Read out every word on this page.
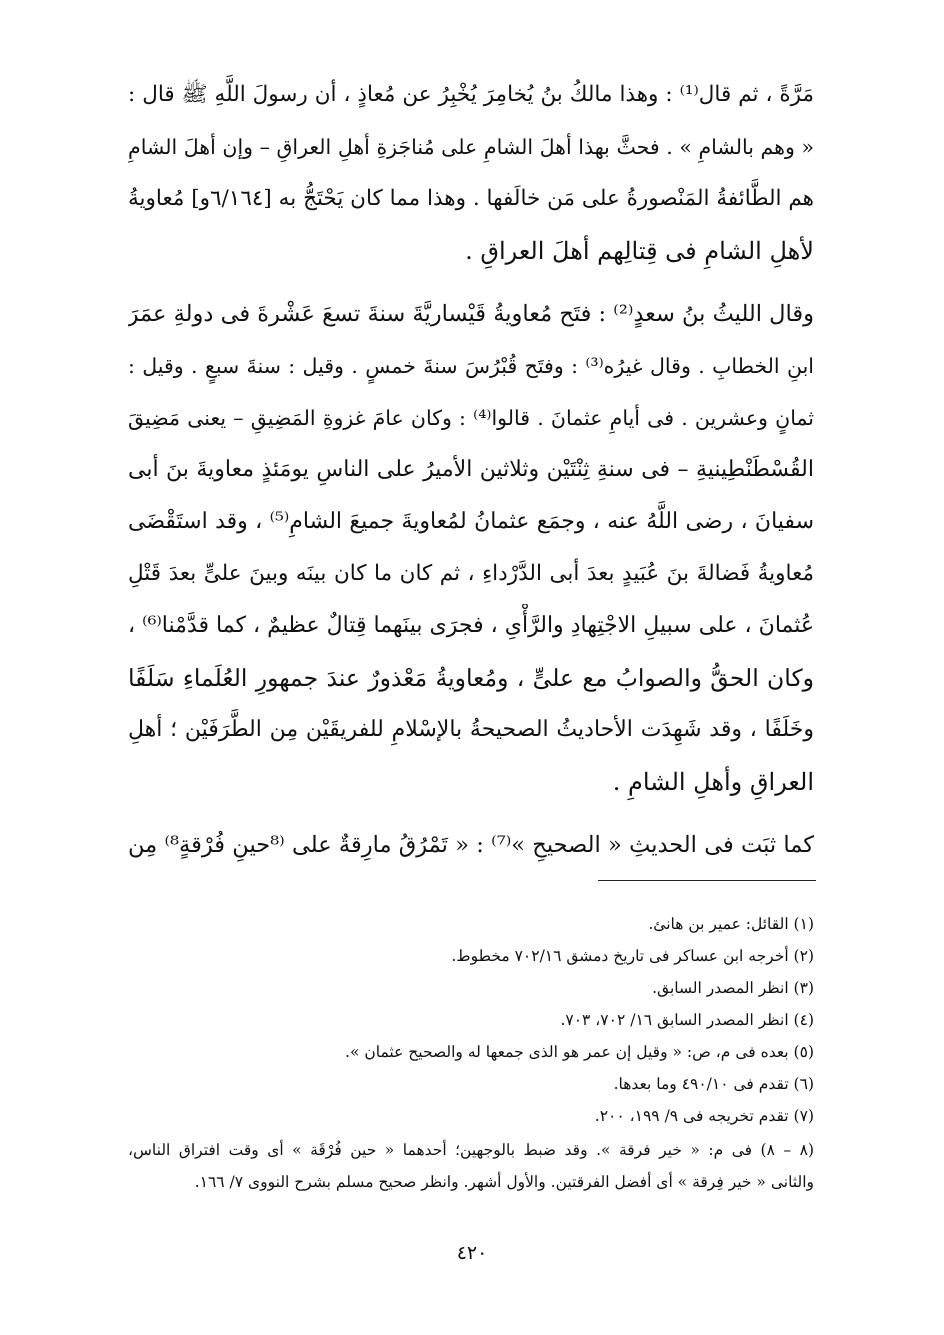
مَرَّةً ، ثم قال⁽¹⁾ : وهذا مالكُ بنُ يُخامِرَ يُخْبِرُ عن مُعاذٍ ، أن رسولَ اللَّهِ ﷺ قال :
« وهم بالشامِ » . فحثَّ بهذا أهلَ الشامِ على مُناجَزةِ أهلِ العراقِ – وإن أهلَ الشامِ
هم الطَّائفةُ المَنْصورةُ على مَن خالَفها . وهذا مما كان يَحْتَجُّ به [٦/١٦٤و] مُعاويةُ
لأهلِ الشامِ فى قِتالِهم أهلَ العراقِ .
وقال الليثُ بنُ سعدٍ⁽²⁾ : فتَح مُعاويةُ قَيْساريَّةَ سنةَ تسعَ عَشْرةَ فى دولةِ عمَرَ
ابنِ الخطابِ . وقال غيرُه⁽³⁾ : وفتَح قُبْرُسَ سنةَ خمسٍ . وقيل : سنةَ سبعٍ . وقيل :
ثمانٍ وعشرين . فى أيامِ عثمانَ . قالوا⁽⁴⁾ : وكان عامَ غزوةِ المَضِيقِ – يعنى مَضِيقَ
القُسْطَنْطِينيةِ – فى سنةِ ثِنْتَيْن وثلاثين الأميرُ على الناسِ يومَئذٍ معاويةَ بنَ أبى
سفيانَ ، رضى اللَّهُ عنه ، وجمَع عثمانُ لمُعاويةَ جميعَ الشامِ⁽⁵⁾ ، وقد استَقْضَى
مُعاويةُ فَضالةَ بنَ عُبَيدٍ بعدَ أبى الدَّرْداءِ ، ثم كان ما كان بينَه وبينَ علىٍّ بعدَ قَتْلِ
عُثمانَ ، على سبيلِ الاجْتِهادِ والرَّأْىِ ، فجرَى بينَهما قِتالٌ عظيمٌ ، كما قدَّمْنا⁽⁶⁾ ،
وكان الحقُّ والصوابُ مع علىٍّ ، ومُعاويةُ مَعْذورٌ عندَ جمهورِ العُلَماءِ سَلَفًا
وخَلَفًا ، وقد شَهِدَت الأحاديثُ الصحيحةُ بالإسْلامِ للفريقَيْن مِن الطَّرَفَيْن ؛ أهلِ
العراقِ وأهلِ الشامِ .
كما ثبَت فى الحديثِ « الصحيحِ »⁽⁷⁾ : « تَمْرُقُ مارِقةٌ على ⁽⁸حينِ فُرْقةٍ⁸⁾ مِن
(١) القائل: عمير بن هانئ.
(٢) أخرجه ابن عساكر فى تاريخ دمشق ٧٠٢/١٦ مخطوط.
(٣) انظر المصدر السابق.
(٤) انظر المصدر السابق ١٦/ ٧٠٢، ٧٠٣.
(٥) بعده فى م، ص: « وقيل إن عمر هو الذى جمعها له والصحيح عثمان ».
(٦) تقدم فى ٤٩٠/١٠ وما بعدها.
(٧) تقدم تخريجه فى ٩/ ١٩٩، ٢٠٠.
(٨ – ٨) فى م: « خير فرقة ». وقد ضبط بالوجهين؛ أحدهما « حين فُرْقَة » أى وقت افتراق الناس،
والثانى « خير فِرقة » أى أفضل الفرقتين. والأول أشهر. وانظر صحيح مسلم بشرح النووى ٧/ ١٦٦.
٤٢٠
